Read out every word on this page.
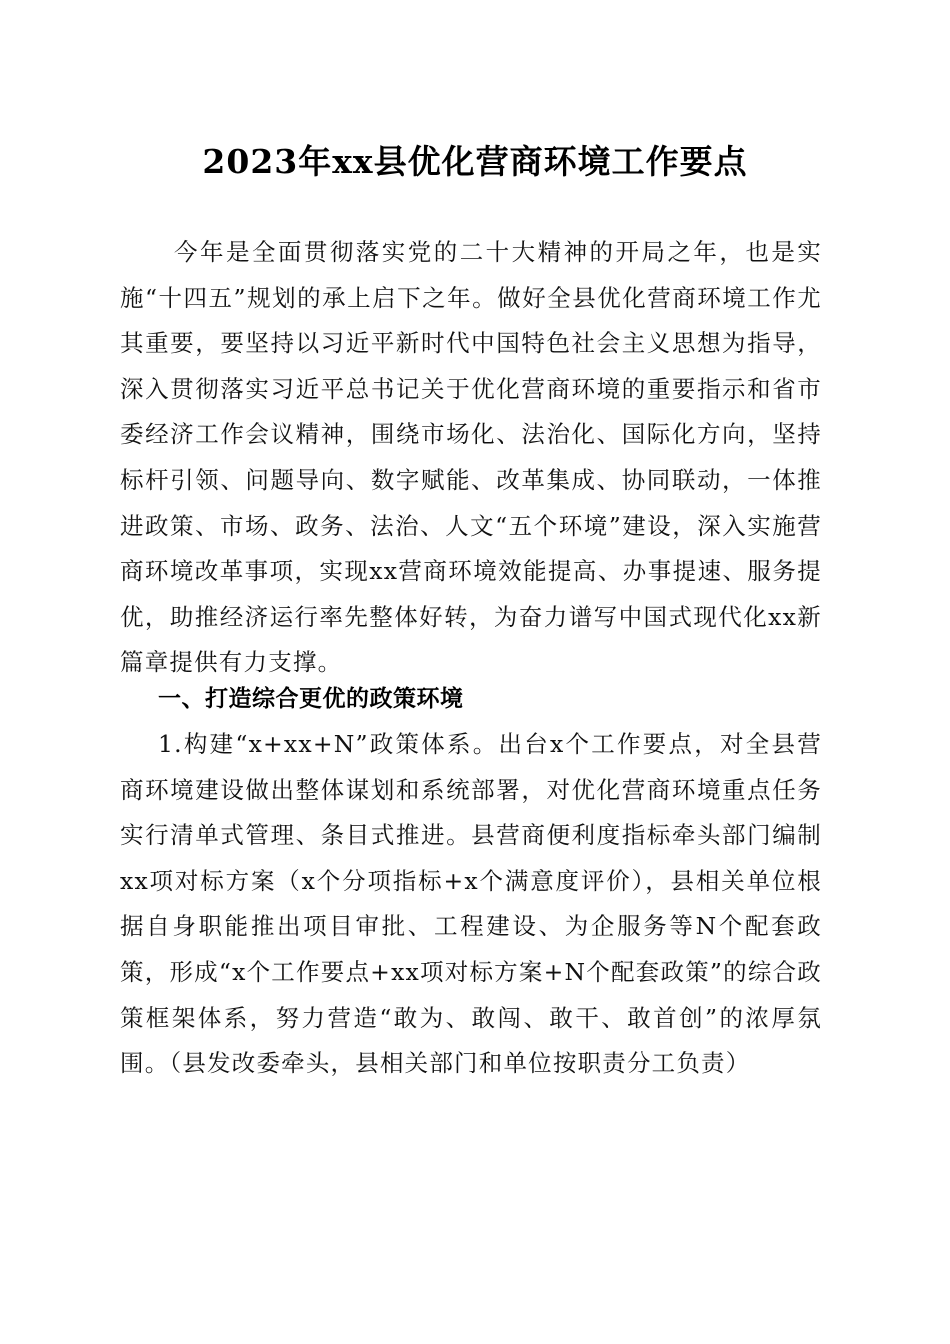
2023年xx县优化营商环境工作要点
今年是全面贯彻落实党的二十大精神的开局之年，也是实施“十四五”规划的承上启下之年。做好全县优化营商环境工作尤其重要，要坚持以习近平新时代中国特色社会主义思想为指导，深入贯彻落实习近平总书记关于优化营商环境的重要指示和省市委经济工作会议精神，围绕市场化、法治化、国际化方向，坚持标杆引领、问题导向、数字赋能、改革集成、协同联动，一体推进政策、市场、政务、法治、人文“五个环境”建设，深入实施营商环境改革事项，实现xx营商环境效能提高、办事提速、服务提优，助推经济运行率先整体好转，为奋力谱写中国式现代化xx新篇章提供有力支撑。
一、打造综合更优的政策环境
1.构建“x+xx+N”政策体系。出台x个工作要点，对全县营商环境建设做出整体谋划和系统部署，对优化营商环境重点任务实行清单式管理、条目式推进。县营商便利度指标牵头部门编制xx项对标方案（x个分项指标+x个满意度评价），县相关单位根据自身职能推出项目审批、工程建设、为企服务等N个配套政策，形成“x个工作要点+xx项对标方案+N个配套政策”的综合政策框架体系，努力营造“敢为、敢闯、敢干、敢首创”的浓厚氛围。（县发改委牵头，县相关部门和单位按职责分工负责）
